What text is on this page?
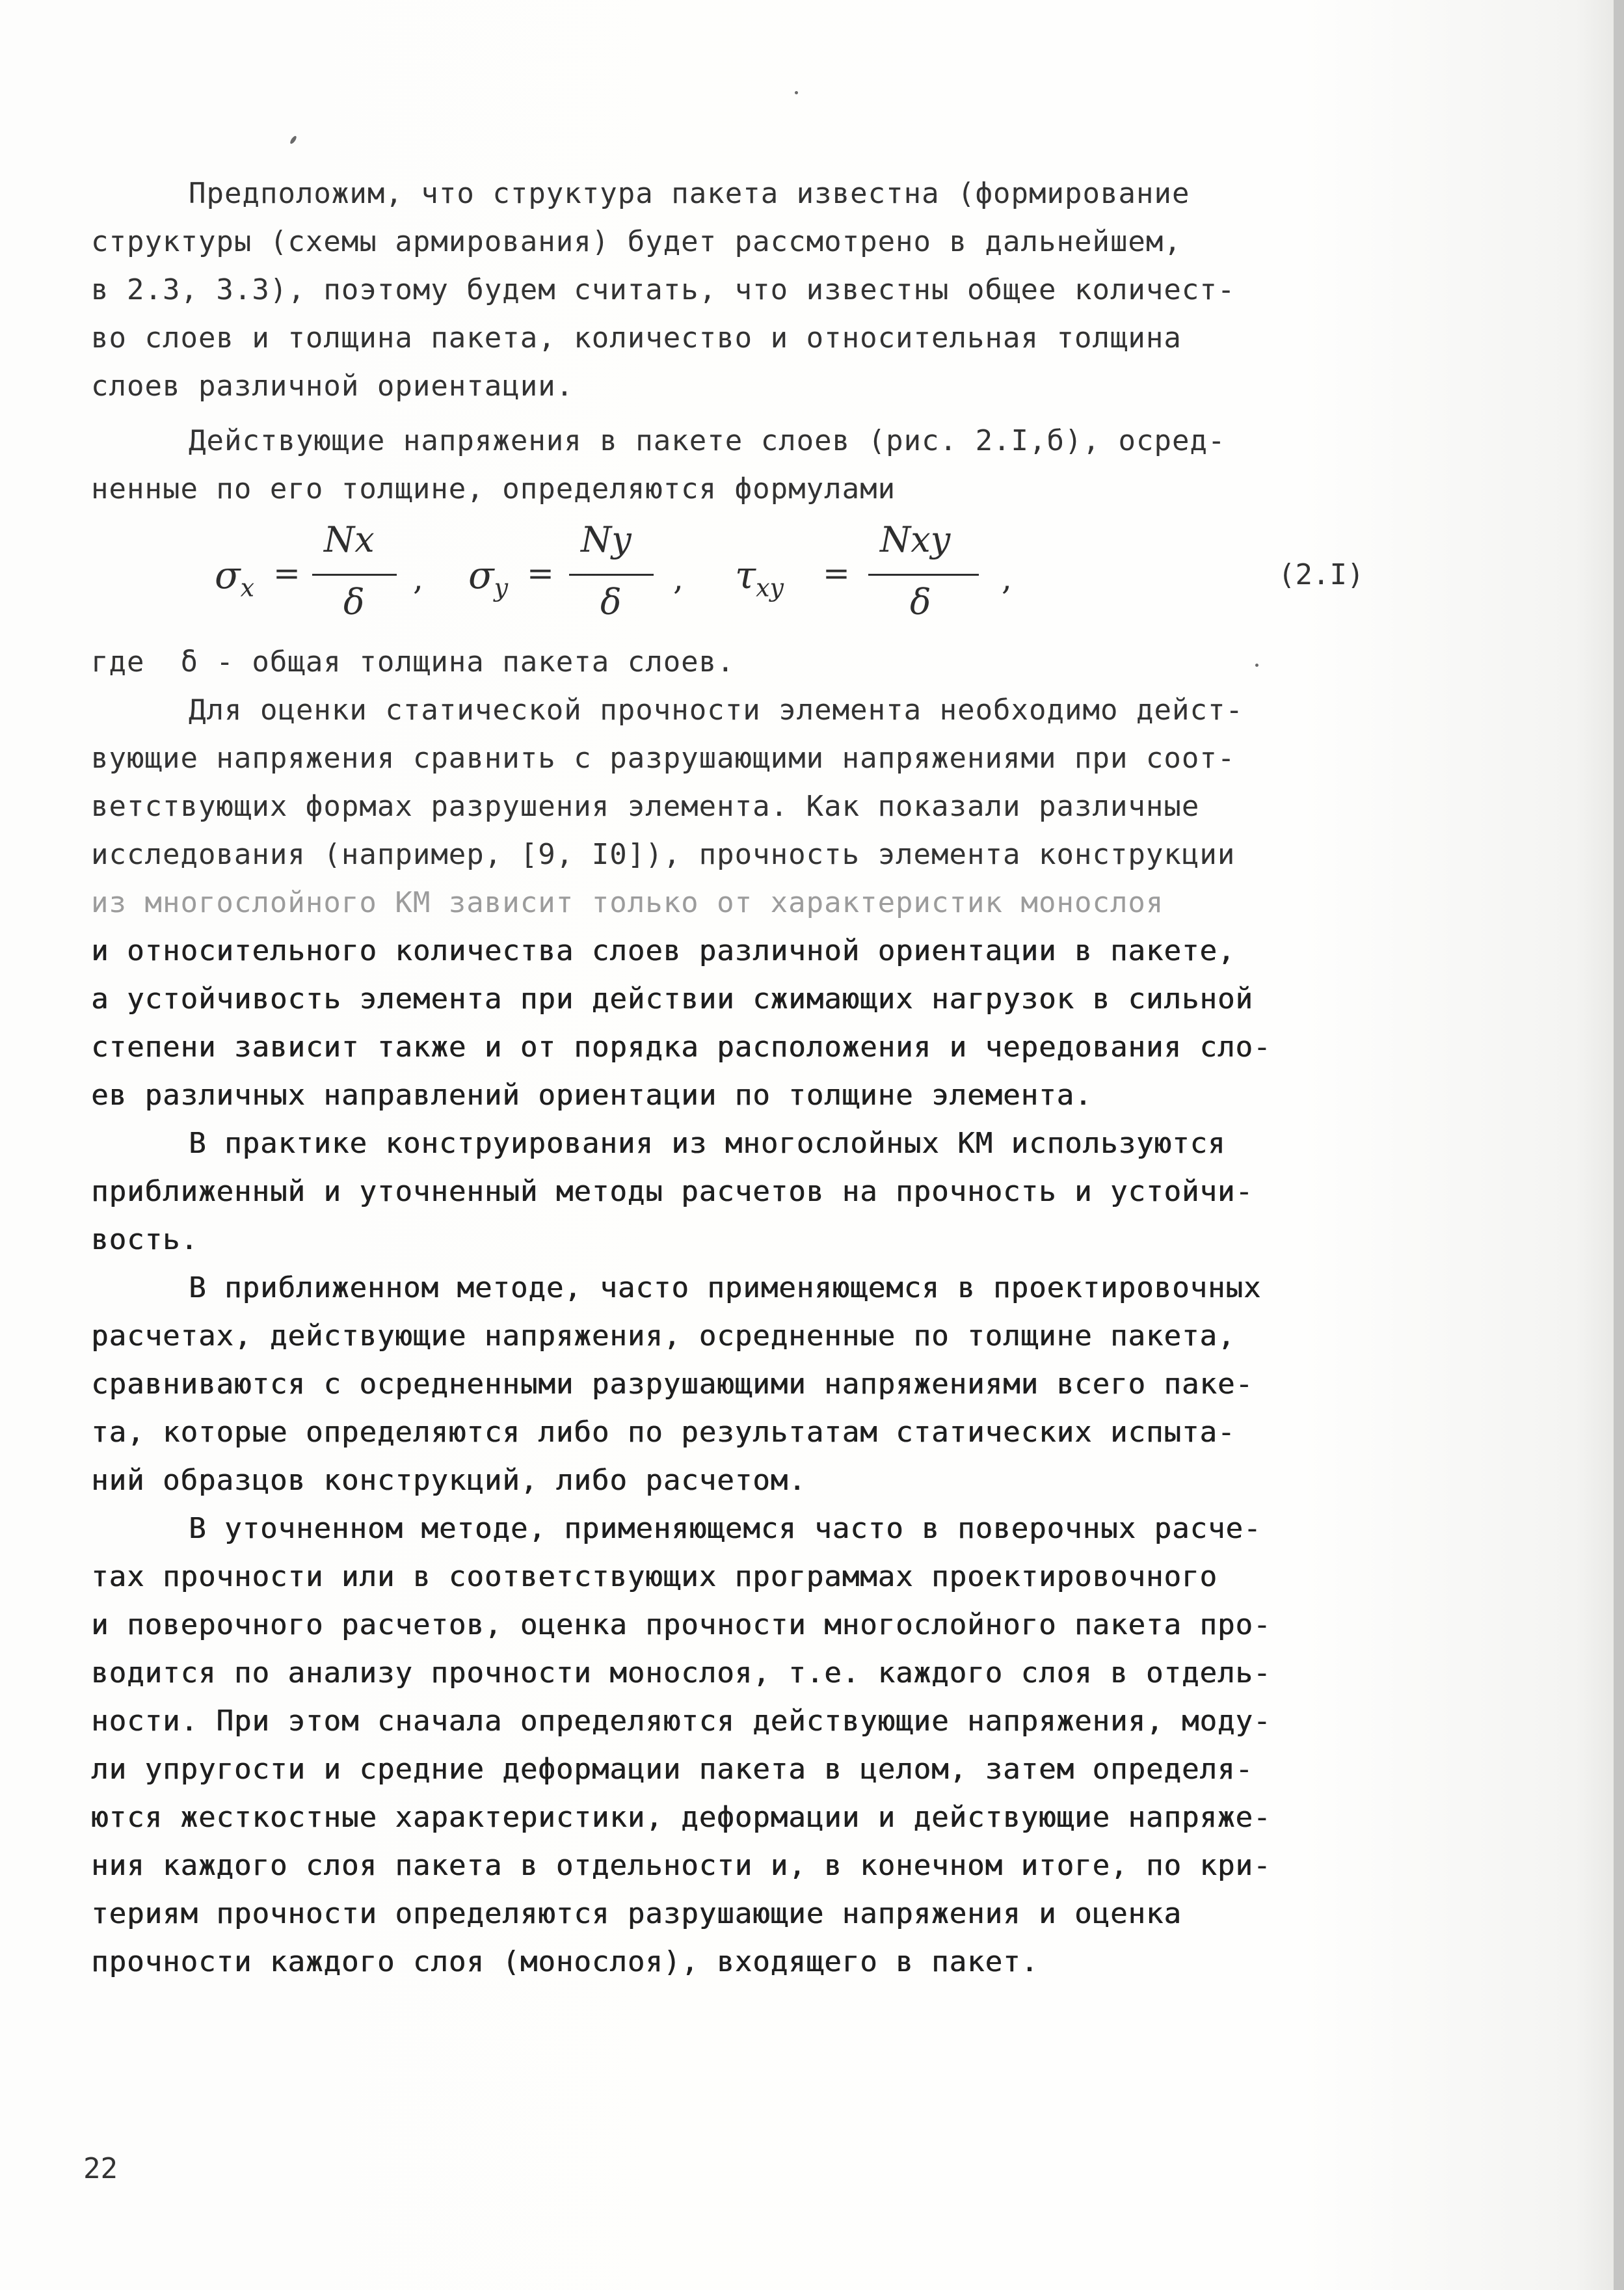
Предположим, что структура пакета известна (формирование
структуры (схемы армирования) будет рассмотрено в дальнейшем,
в 2.3, 3.3), поэтому будем считать, что известны общее количест-
во слоев и толщина пакета, количество и относительная толщина
слоев различной ориентации.
Действующие напряжения в пакете слоев (рис. 2.I,б), осред-
ненные по его толщине, определяются формулами
$\sigma_x$ =
Nx
δ
, $\sigma_y$ =
Ny
δ
, $\tau_{xy}$ =
Nxy
δ
,	(2.I)
где  δ - общая толщина пакета слоев.
Для оценки статической прочности элемента необходимо дейст-
вующие напряжения сравнить с разрушающими напряжениями при соот-
ветствующих формах разрушения элемента. Как показали различные
исследования (например, [9, I0]), прочность элемента конструкции
из многослойного КМ зависит только от характеристик монослоя
и относительного количества слоев различной ориентации в пакете,
а устойчивость элемента при действии сжимающих нагрузок в сильной
степени зависит также и от порядка расположения и чередования сло-
ев различных направлений ориентации по толщине элемента.
В практике конструирования из многослойных КМ используются
приближенный и уточненный методы расчетов на прочность и устойчи-
вость.
В приближенном методе, часто применяющемся в проектировочных
расчетах, действующие напряжения, осредненные по толщине пакета,
сравниваются с осредненными разрушающими напряжениями всего паке-
та, которые определяются либо по результатам статических испыта-
ний образцов конструкций, либо расчетом.
В уточненном методе, применяющемся часто в поверочных расче-
тах прочности или в соответствующих программах проектировочного
и поверочного расчетов, оценка прочности многослойного пакета про-
водится по анализу прочности монослоя, т.е. каждого слоя в отдель-
ности. При этом сначала определяются действующие напряжения, моду-
ли упругости и средние деформации пакета в целом, затем определя-
ются жесткостные характеристики, деформации и действующие напряже-
ния каждого слоя пакета в отдельности и, в конечном итоге, по кри-
териям прочности определяются разрушающие напряжения и оценка
прочности каждого слоя (монослоя), входящего в пакет.
22
